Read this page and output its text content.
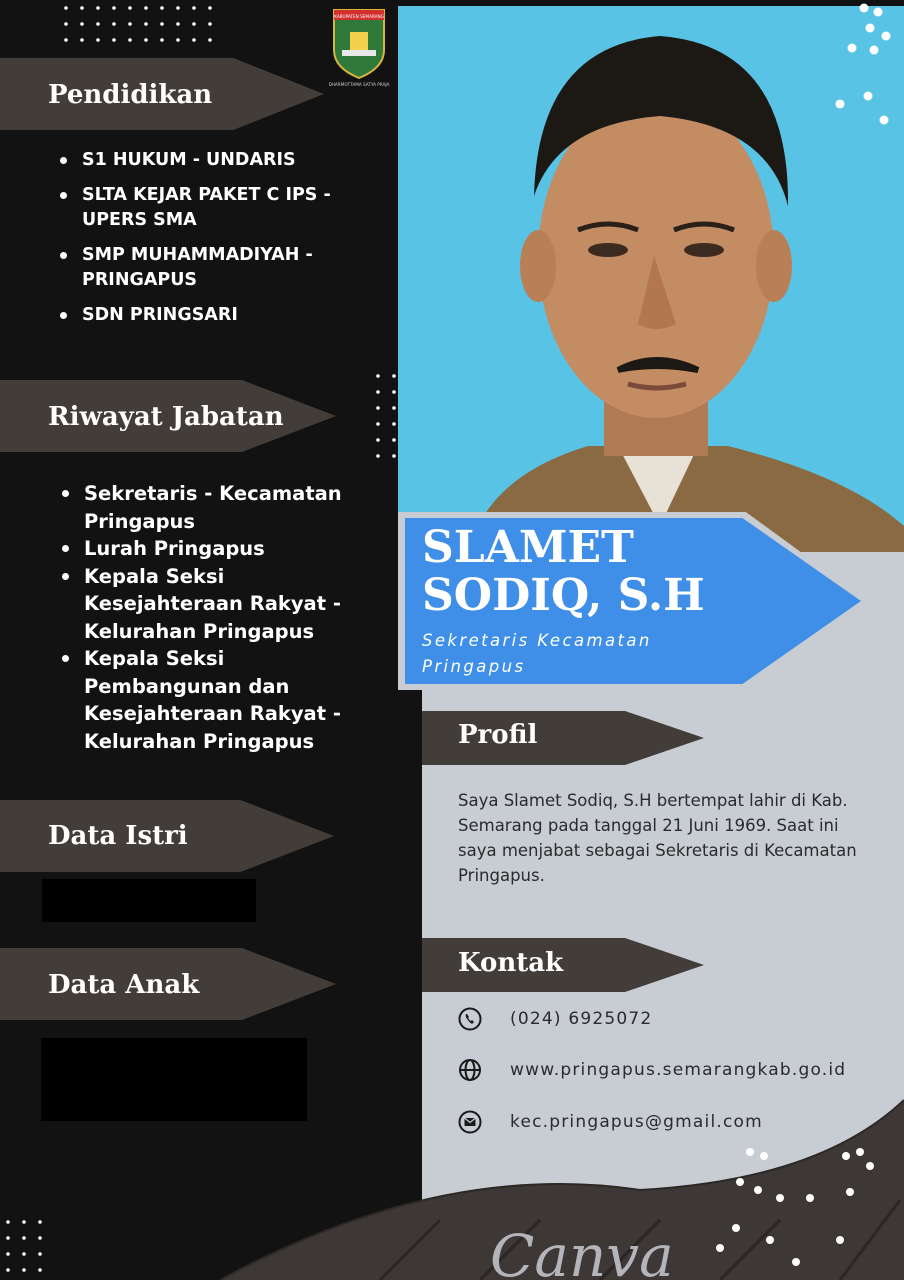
KABUPATEN SEMARANG
DHARMOTTAMA SATYA PRAJA
Pendidikan
S1 HUKUM - UNDARIS
SLTA KEJAR PAKET C IPS - UPERS SMA
SMP MUHAMMADIYAH - PRINGAPUS
SDN PRINGSARI
Riwayat Jabatan
Sekretaris - Kecamatan Pringapus
Lurah Pringapus
Kepala Seksi Kesejahteraan Rakyat - Kelurahan Pringapus
Kepala Seksi Pembangunan dan Kesejahteraan Rakyat - Kelurahan Pringapus
Data Istri
Data Anak
SLAMET SODIQ, S.H
Sekretaris Kecamatan Pringapus
Profil
Saya Slamet Sodiq, S.H bertempat lahir di Kab. Semarang pada tanggal 21 Juni 1969. Saat ini saya menjabat sebagai Sekretaris di Kecamatan Pringapus.
Kontak
(024) 6925072
www.pringapus.semarangkab.go.id
kec.pringapus@gmail.com
Canva
